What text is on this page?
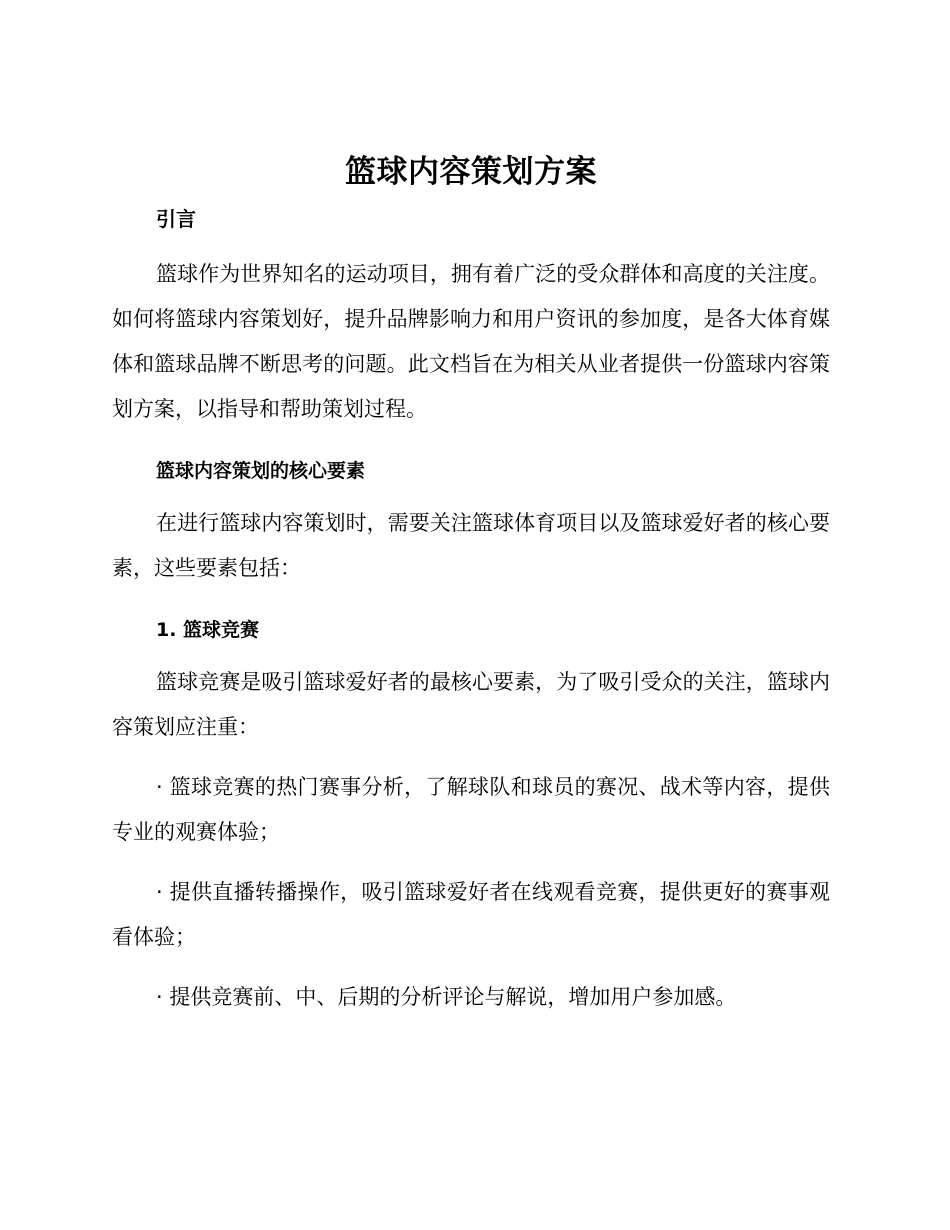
篮球内容策划方案
引言

篮球作为世界知名的运动项目，拥有着广泛的受众群体和高度的关注度。如何将篮球内容策划好，提升品牌影响力和用户资讯的参加度，是各大体育媒体和篮球品牌不断思考的问题。此文档旨在为相关从业者提供一份篮球内容策划方案，以指导和帮助策划过程。

篮球内容策划的核心要素

在进行篮球内容策划时，需要关注篮球体育项目以及篮球爱好者的核心要素，这些要素包括：

1. 篮球竞赛

篮球竞赛是吸引篮球爱好者的最核心要素，为了吸引受众的关注，篮球内容策划应注重：

· 篮球竞赛的热门赛事分析，了解球队和球员的赛况、战术等内容，提供专业的观赛体验；

· 提供直播转播操作，吸引篮球爱好者在线观看竞赛，提供更好的赛事观看体验；

· 提供竞赛前、中、后期的分析评论与解说，增加用户参加感。
